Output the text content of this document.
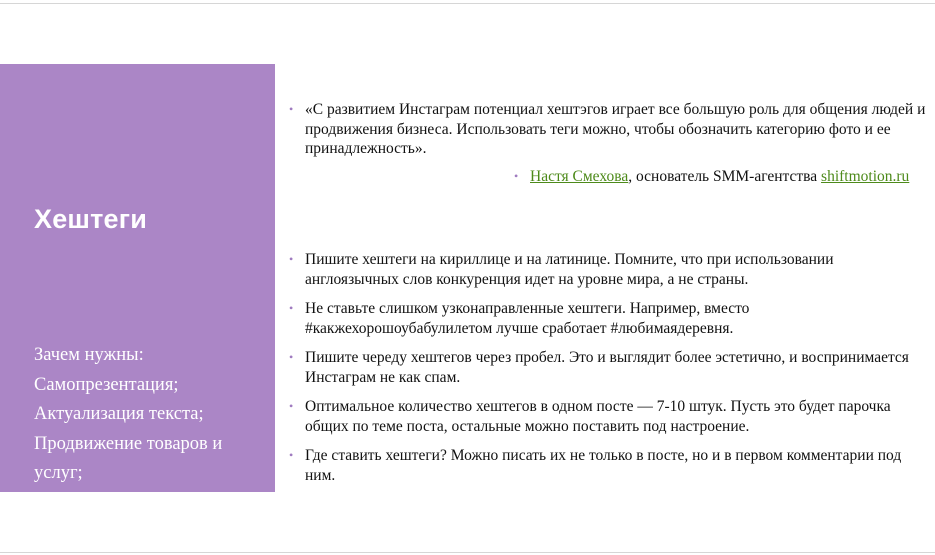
Хештеги
Зачем нужны:
Самопрезентация;
Актуализация текста;
Продвижение товаров и услуг;
Навигация по аккаунту.
• «С развитием Инстаграм потенциал хештэгов играет все большую роль для общения людей и продвижения бизнеса. Использовать теги можно, чтобы обозначить категорию фото и ее принадлежность».
• Настя Смехова, основатель SMM-агентства shiftmotion.ru
• Пишите хештеги на кириллице и на латинице. Помните, что при использовании англоязычных слов конкуренция идет на уровне мира, а не страны.
• Не ставьте слишком узконаправленные хештеги. Например, вместо #какжехорошоубабулилетом лучше сработает #любимаядеревня.
• Пишите череду хештегов через пробел. Это и выглядит более эстетично, и воспринимается Инстаграм не как спам.
• Оптимальное количество хештегов в одном посте — 7-10 штук. Пусть это будет парочка общих по теме поста, остальные можно поставить под настроение.
• Где ставить хештеги? Можно писать их не только в посте, но и в первом комментарии под ним.
